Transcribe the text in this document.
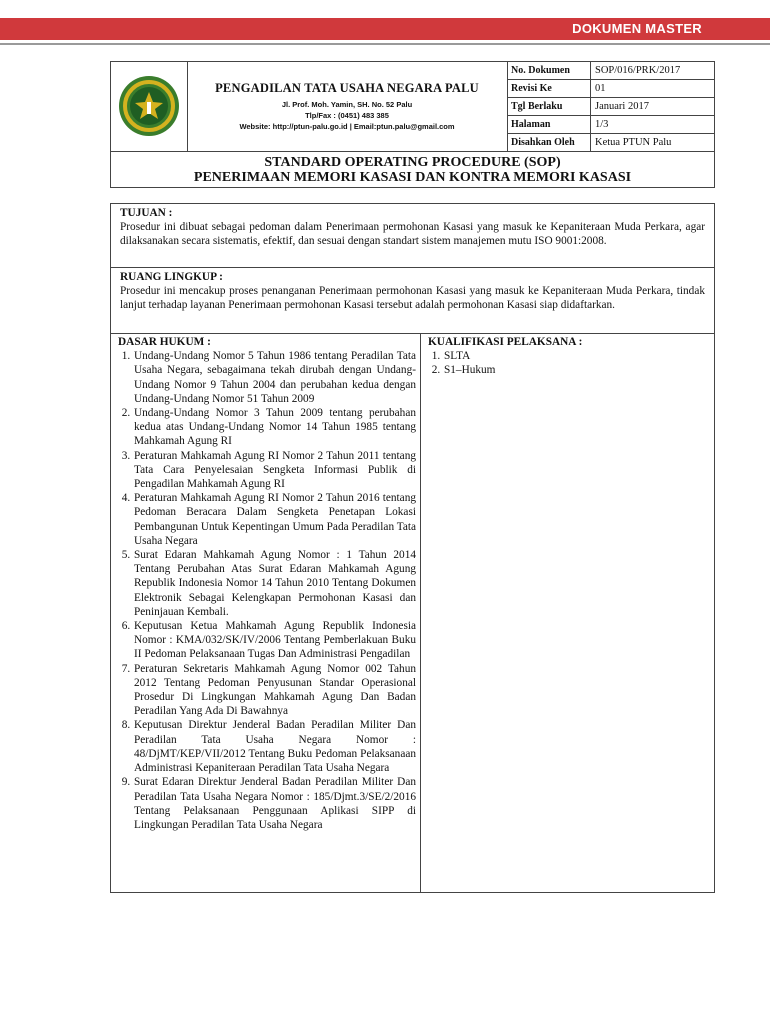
DOKUMEN MASTER
PENGADILAN TATA USAHA NEGARA PALU
Jl. Prof. Moh. Yamin, SH. No. 52 Palu
Tlp/Fax : (0451) 483 385
Website: http://ptun-palu.go.id | Email:ptun.palu@gmail.com
No. Dokumen	SOP/016/PRK/2017
Revisi Ke	01
Tgl Berlaku	Januari 2017
Halaman	1/3
Disahkan Oleh	Ketua PTUN Palu
STANDARD OPERATING PROCEDURE (SOP)
PENERIMAAN MEMORI KASASI DAN KONTRA MEMORI KASASI
TUJUAN :
Prosedur ini dibuat sebagai pedoman dalam Penerimaan permohonan Kasasi yang masuk ke Kepaniteraan Muda Perkara, agar dilaksanakan secara sistematis, efektif, dan sesuai dengan standart sistem manajemen mutu ISO 9001:2008.
RUANG LINGKUP :
Prosedur ini mencakup proses penanganan Penerimaan permohonan Kasasi yang masuk ke Kepaniteraan Muda Perkara, tindak lanjut terhadap layanan Penerimaan permohonan Kasasi tersebut adalah permohonan Kasasi siap didaftarkan.
DASAR HUKUM :
1. Undang-Undang Nomor 5 Tahun 1986 tentang Peradilan Tata Usaha Negara, sebagaimana tekah dirubah dengan Undang-Undang Nomor 9 Tahun 2004 dan perubahan kedua dengan Undang-Undang Nomor 51 Tahun 2009
2. Undang-Undang Nomor 3 Tahun 2009 tentang perubahan kedua atas Undang-Undang Nomor 14 Tahun 1985 tentang Mahkamah Agung RI
3. Peraturan Mahkamah Agung RI Nomor 2 Tahun 2011 tentang Tata Cara Penyelesaian Sengketa Informasi Publik di Pengadilan Mahkamah Agung RI
4. Peraturan Mahkamah Agung RI Nomor 2 Tahun 2016 tentang Pedoman Beracara Dalam Sengketa Penetapan Lokasi Pembangunan Untuk Kepentingan Umum Pada Peradilan Tata Usaha Negara
5. Surat Edaran Mahkamah Agung Nomor : 1 Tahun 2014 Tentang Perubahan Atas Surat Edaran Mahkamah Agung Republik Indonesia Nomor 14 Tahun 2010 Tentang Dokumen Elektronik Sebagai Kelengkapan Permohonan Kasasi dan Peninjauan Kembali.
6. Keputusan Ketua Mahkamah Agung Republik Indonesia Nomor : KMA/032/SK/IV/2006 Tentang Pemberlakuan Buku II Pedoman Pelaksanaan Tugas Dan Administrasi Pengadilan
7. Peraturan Sekretaris Mahkamah Agung Nomor 002 Tahun 2012 Tentang Pedoman Penyusunan Standar Operasional Prosedur Di Lingkungan Mahkamah Agung Dan Badan Peradilan Yang Ada Di Bawahnya
8. Keputusan Direktur Jenderal Badan Peradilan Militer Dan Peradilan Tata Usaha Negara Nomor : 48/DjMT/KEP/VII/2012 Tentang Buku Pedoman Pelaksanaan Administrasi Kepaniteraan Peradilan Tata Usaha Negara
9. Surat Edaran Direktur Jenderal Badan Peradilan Militer Dan Peradilan Tata Usaha Negara Nomor : 185/Djmt.3/SE/2/2016 Tentang Pelaksanaan Penggunaan Aplikasi SIPP di Lingkungan Peradilan Tata Usaha Negara
KUALIFIKASI PELAKSANA :
1. SLTA
2. S1–Hukum
